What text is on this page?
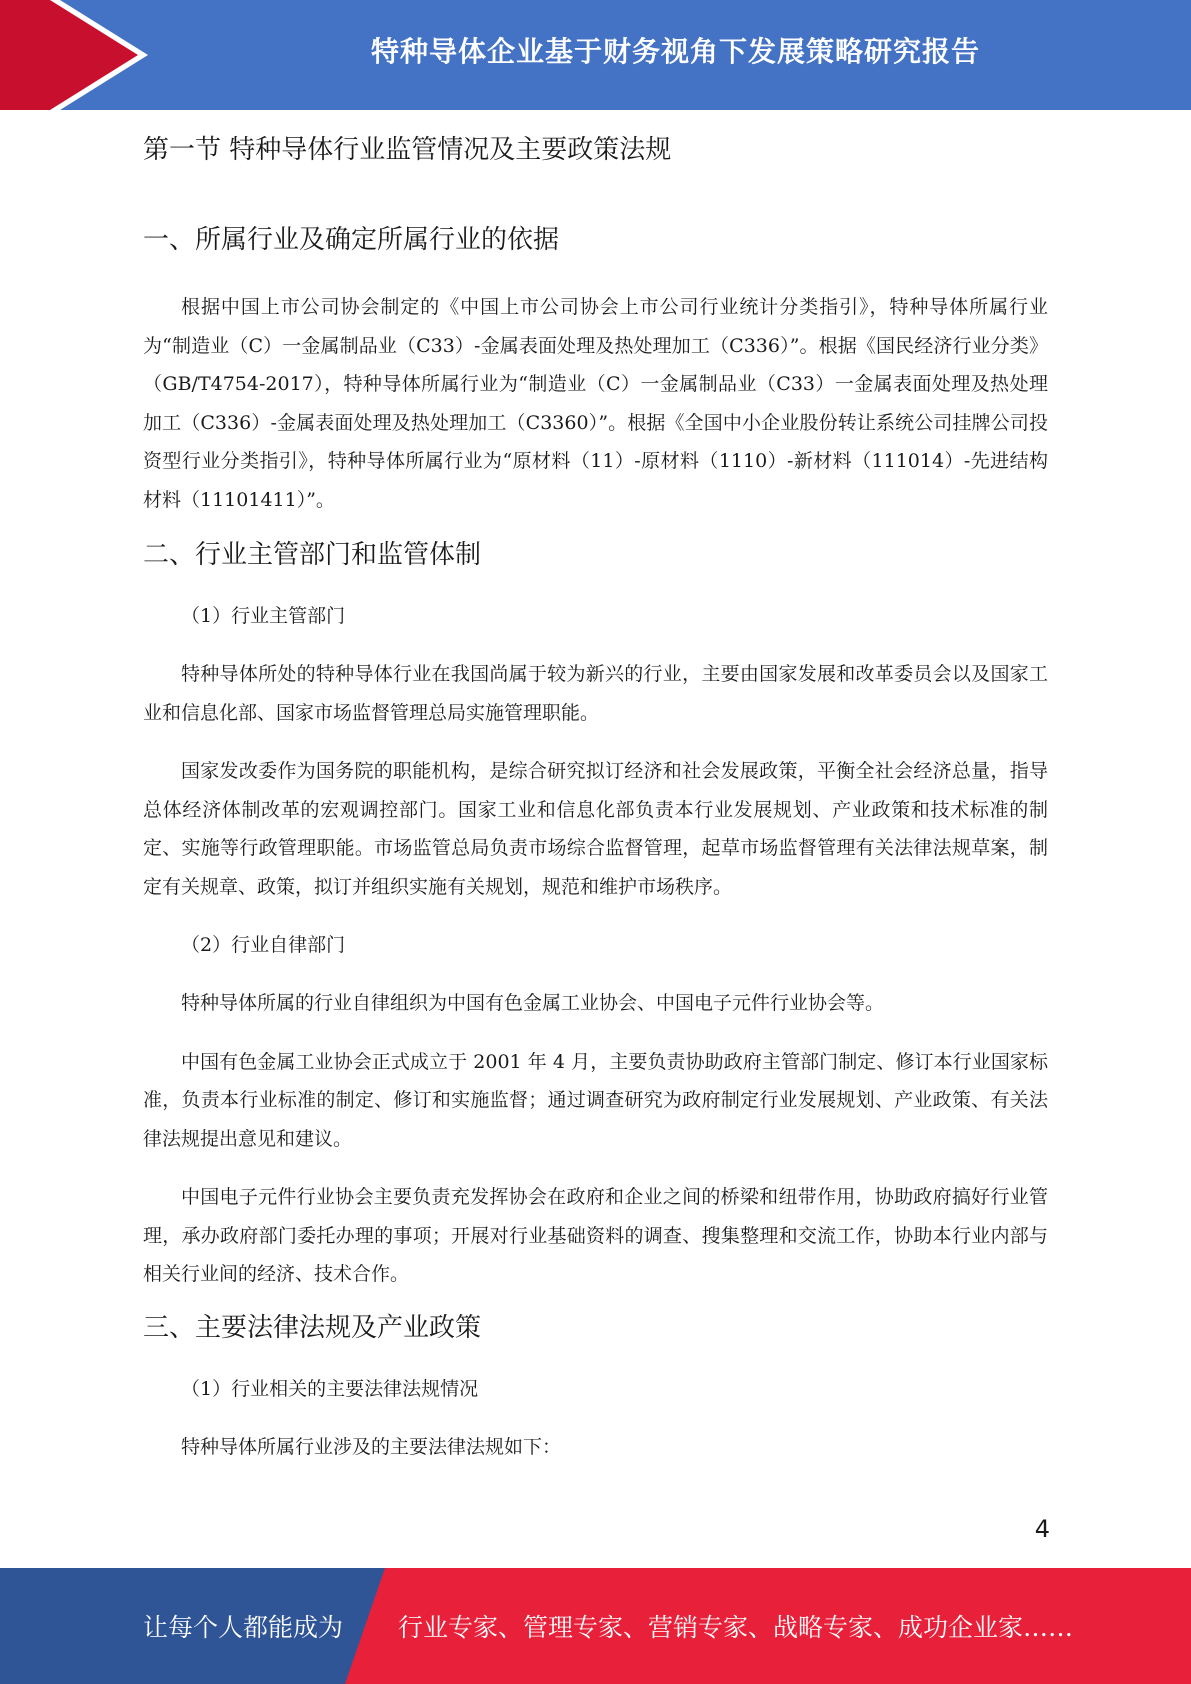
特种导体企业基于财务视角下发展策略研究报告
第一节 特种导体行业监管情况及主要政策法规
一、所属行业及确定所属行业的依据

根据中国上市公司协会制定的《中国上市公司协会上市公司行业统计分类指引》，特种导体所属行业为“制造业（C）一金属制品业（C33）-金属表面处理及热处理加工（C336）”。根据《国民经济行业分类》（GB/T4754-2017），特种导体所属行业为“制造业（C）一金属制品业（C33）一金属表面处理及热处理加工（C336）-金属表面处理及热处理加工（C3360）”。根据《全国中小企业股份转让系统公司挂牌公司投资型行业分类指引》，特种导体所属行业为“原材料（11）-原材料（1110）-新材料（111014）-先进结构材料（11101411）”。

二、行业主管部门和监管体制

（1）行业主管部门

特种导体所处的特种导体行业在我国尚属于较为新兴的行业，主要由国家发展和改革委员会以及国家工业和信息化部、国家市场监督管理总局实施管理职能。

国家发改委作为国务院的职能机构，是综合研究拟订经济和社会发展政策，平衡全社会经济总量，指导总体经济体制改革的宏观调控部门。国家工业和信息化部负责本行业发展规划、产业政策和技术标准的制定、实施等行政管理职能。市场监管总局负责市场综合监督管理，起草市场监督管理有关法律法规草案，制定有关规章、政策，拟订并组织实施有关规划，规范和维护市场秩序。

（2）行业自律部门

特种导体所属的行业自律组织为中国有色金属工业协会、中国电子元件行业协会等。

中国有色金属工业协会正式成立于 2001 年 4 月，主要负责协助政府主管部门制定、修订本行业国家标准，负责本行业标准的制定、修订和实施监督；通过调查研究为政府制定行业发展规划、产业政策、有关法律法规提出意见和建议。

中国电子元件行业协会主要负责充发挥协会在政府和企业之间的桥梁和纽带作用，协助政府搞好行业管理，承办政府部门委托办理的事项；开展对行业基础资料的调查、搜集整理和交流工作，协助本行业内部与相关行业间的经济、技术合作。

三、主要法律法规及产业政策

（1）行业相关的主要法律法规情况

特种导体所属行业涉及的主要法律法规如下：

4
让每个人都能成为 行业专家、管理专家、营销专家、战略专家、成功企业家……
